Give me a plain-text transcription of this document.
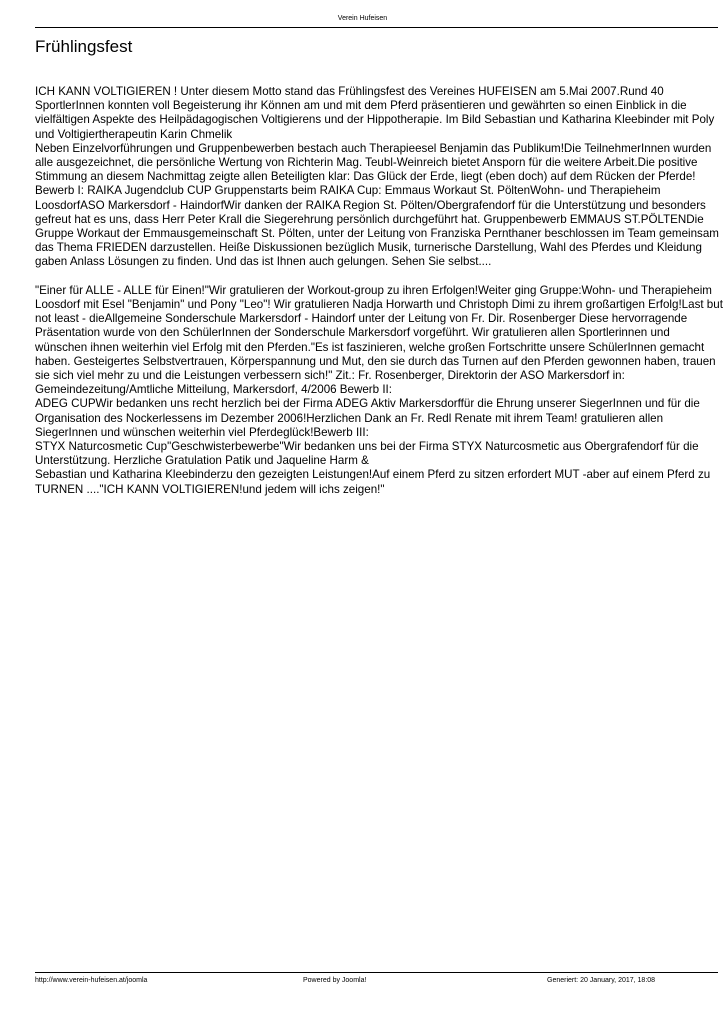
Verein Hufeisen
Frühlingsfest
ICH KANN VOLTIGIEREN ! Unter diesem Motto stand das Frühlingsfest des Vereines HUFEISEN am 5.Mai 2007.Rund 40 SportlerInnen konnten voll Begeisterung ihr Können am und mit dem Pferd präsentieren und gewährten so einen Einblick in die vielfältigen Aspekte des Heilpädagogischen Voltigierens und der Hippotherapie. Im Bild Sebastian und Katharina Kleebinder mit Poly und Voltigiertherapeutin Karin Chmelik
Neben Einzelvorführungen und Gruppenbewerben bestach auch Therapieesel Benjamin das Publikum!Die TeilnehmerInnen wurden alle ausgezeichnet, die persönliche Wertung von Richterin Mag. Teubl-Weinreich bietet Ansporn für die weitere Arbeit.Die positive Stimmung an diesem Nachmittag zeigte allen Beteiligten klar: Das Glück der Erde, liegt (eben doch) auf dem Rücken der Pferde! Bewerb I: RAIKA Jugendclub CUP Gruppenstarts beim RAIKA Cup: Emmaus Workaut St. PöltenWohn- und Therapieheim LoosdorfASO Markersdorf - HaindorfWir danken der RAIKA Region St. Pölten/Obergrafendorf für die Unterstützung und besonders gefreut hat es uns, dass Herr Peter Krall die Siegerehrung persönlich durchgeführt hat. Gruppenbewerb EMMAUS ST.PÖLTENDie Gruppe Workaut der Emmausgemeinschaft St. Pölten, unter der Leitung von Franziska Pernthaner beschlossen im Team gemeinsam das Thema FRIEDEN darzustellen. Heiße Diskussionen bezüglich Musik, turnerische Darstellung, Wahl des Pferdes und Kleidung gaben Anlass Lösungen zu finden. Und das ist Ihnen auch gelungen. Sehen Sie selbst....

"Einer für ALLE - ALLE für Einen!"Wir gratulieren der Workout-group zu ihren Erfolgen!Weiter ging Gruppe:Wohn- und Therapieheim Loosdorf mit Esel "Benjamin" und Pony "Leo"! Wir gratulieren Nadja Horwarth und Christoph Dimi zu ihrem großartigen Erfolg!Last but not least - dieAllgemeine Sonderschule Markersdorf - Haindorf unter der Leitung von Fr. Dir. Rosenberger Diese hervorragende Präsentation wurde von den SchülerInnen der Sonderschule Markersdorf vorgeführt. Wir gratulieren allen Sportlerinnen und wünschen ihnen weiterhin viel Erfolg mit den Pferden."Es ist faszinieren, welche großen Fortschritte unsere SchülerInnen gemacht haben. Gesteigertes Selbstvertrauen, Körperspannung und Mut, den sie durch das Turnen auf den Pferden gewonnen haben, trauen sie sich viel mehr zu und die Leistungen verbessern sich!" Zit.: Fr. Rosenberger, Direktorin der ASO Markersdorf in: Gemeindezeitung/Amtliche Mitteilung, Markersdorf, 4/2006 Bewerb II:
ADEG CUPWir bedanken uns recht herzlich bei der Firma ADEG Aktiv Markersdorffür die Ehrung unserer SiegerInnen und für die Organisation des Nockerlessens im Dezember 2006!Herzlichen Dank an Fr. Redl Renate mit ihrem Team! gratulieren allen SiegerInnen und wünschen weiterhin viel Pferdeglück!Bewerb III:
STYX Naturcosmetic Cup"Geschwisterbewerbe"Wir bedanken uns bei der Firma STYX Naturcosmetic aus Obergrafendorf für die Unterstützung. Herzliche Gratulation Patik und Jaqueline Harm &
Sebastian und Katharina Kleebinderzu den gezeigten Leistungen!Auf einem Pferd zu sitzen erfordert MUT -aber auf einem Pferd zu TURNEN ...."ICH KANN VOLTIGIEREN!und jedem will ichs zeigen!"
http://www.verein-hufeisen.at/joomla	Powered by Joomla!	Generiert: 20 January, 2017, 18:08
